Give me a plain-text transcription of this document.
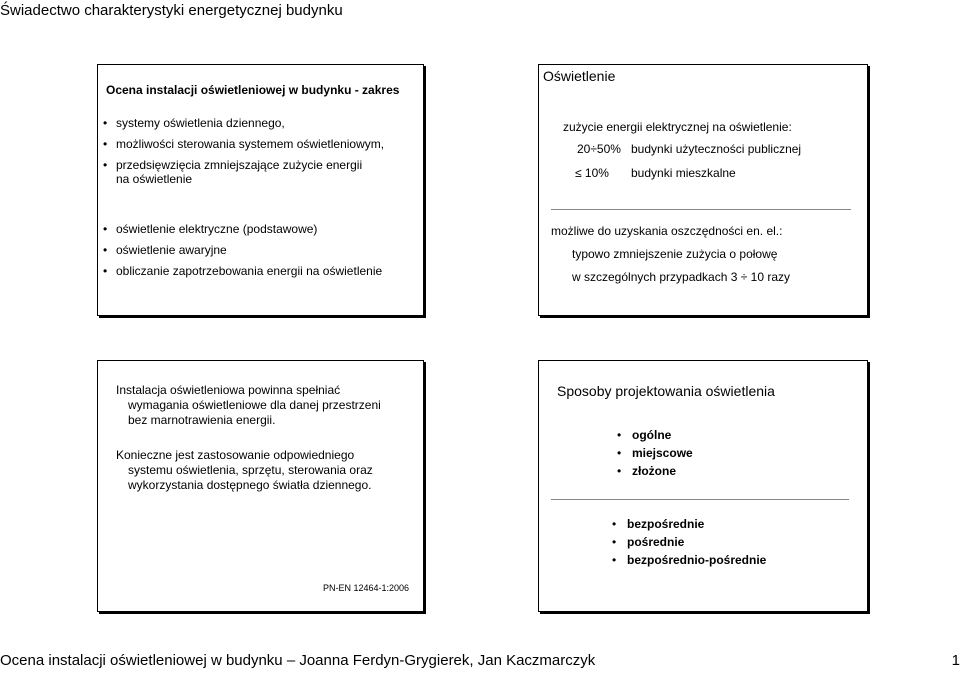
Świadectwo charakterystyki energetycznej budynku
Ocena instalacji oświetleniowej w budynku - zakres
• systemy oświetlenia dziennego,
• możliwości sterowania systemem oświetleniowym,
• przedsięwzięcia zmniejszające zużycie energii na oświetlenie
• oświetlenie elektryczne (podstawowe)
• oświetlenie awaryjne
• obliczanie zapotrzebowania energii na oświetlenie
Oświetlenie
zużycie energii elektrycznej na oświetlenie:
20÷50% budynki użyteczności publicznej
≤ 10% budynki mieszkalne
możliwe do uzyskania oszczędności en. el.:
typowo zmniejszenie zużycia o połowę
w szczególnych przypadkach 3 ÷ 10 razy
Instalacja oświetleniowa powinna spełniać
wymagania oświetleniowe dla danej przestrzeni
bez marnotrawienia energii.
Konieczne jest zastosowanie odpowiedniego
systemu oświetlenia, sprzętu, sterowania oraz
wykorzystania dostępnego światła dziennego.
PN-EN 12464-1:2006
Sposoby projektowania oświetlenia
• ogólne
• miejscowe
• złożone
• bezpośrednie
• pośrednie
• bezpośrednio-pośrednie
Ocena instalacji oświetleniowej w budynku – Joanna Ferdyn-Grygierek, Jan Kaczmarczyk	1
